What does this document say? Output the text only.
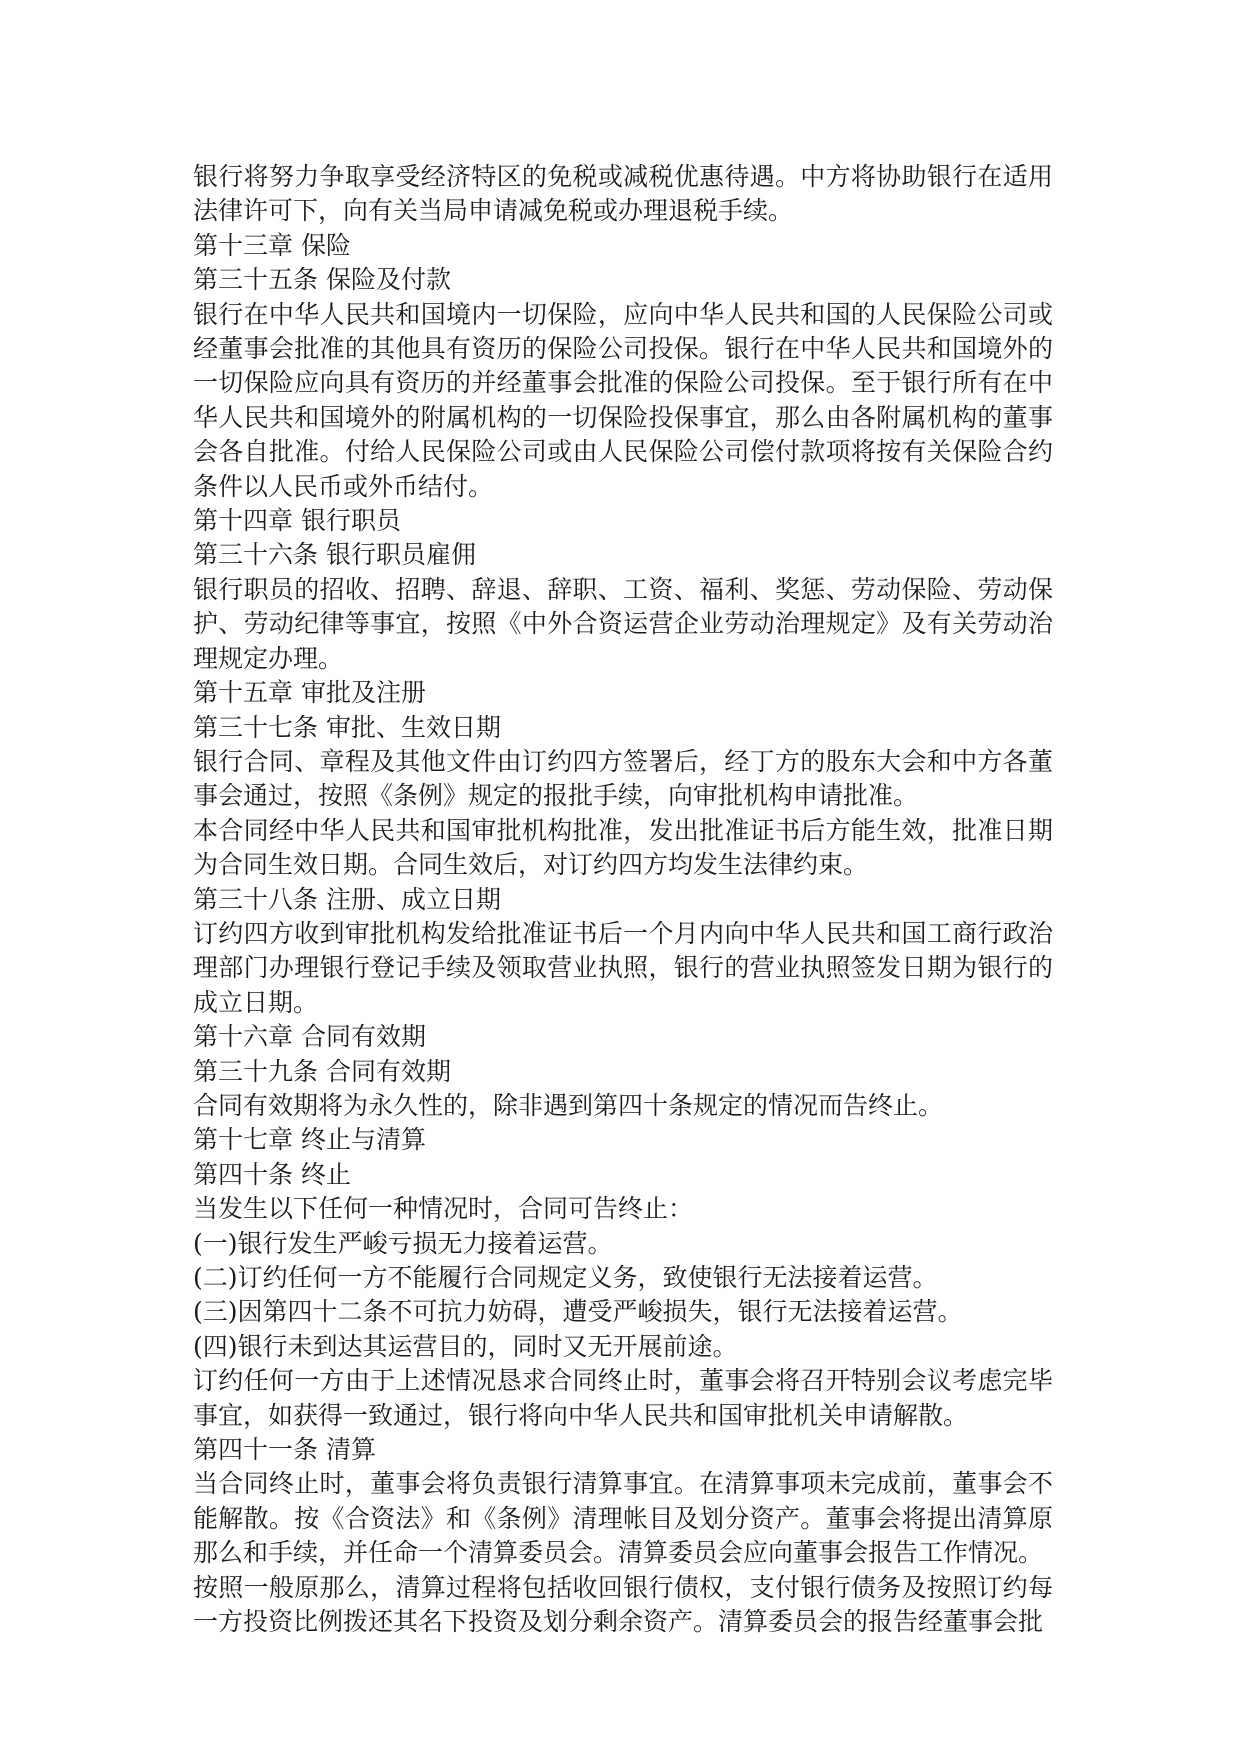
银行将努力争取享受经济特区的免税或减税优惠待遇。中方将协助银行在适用法律许可下，向有关当局申请减免税或办理退税手续。

第十三章 保险

第三十五条 保险及付款

银行在中华人民共和国境内一切保险，应向中华人民共和国的人民保险公司或经董事会批准的其他具有资历的保险公司投保。银行在中华人民共和国境外的一切保险应向具有资历的并经董事会批准的保险公司投保。至于银行所有在中华人民共和国境外的附属机构的一切保险投保事宜，那么由各附属机构的董事会各自批准。付给人民保险公司或由人民保险公司偿付款项将按有关保险合约条件以人民币或外币结付。

第十四章 银行职员

第三十六条 银行职员雇佣

银行职员的招收、招聘、辞退、辞职、工资、福利、奖惩、劳动保险、劳动保护、劳动纪律等事宜，按照《中外合资运营企业劳动治理规定》及有关劳动治理规定办理。

第十五章 审批及注册

第三十七条 审批、生效日期

银行合同、章程及其他文件由订约四方签署后，经丁方的股东大会和中方各董事会通过，按照《条例》规定的报批手续，向审批机构申请批准。

本合同经中华人民共和国审批机构批准，发出批准证书后方能生效，批准日期为合同生效日期。合同生效后，对订约四方均发生法律约束。

第三十八条 注册、成立日期

订约四方收到审批机构发给批准证书后一个月内向中华人民共和国工商行政治理部门办理银行登记手续及领取营业执照，银行的营业执照签发日期为银行的成立日期。

第十六章 合同有效期

第三十九条 合同有效期

合同有效期将为永久性的，除非遇到第四十条规定的情况而告终止。

第十七章 终止与清算

第四十条 终止

当发生以下任何一种情况时，合同可告终止：

(一)银行发生严峻亏损无力接着运营。

(二)订约任何一方不能履行合同规定义务，致使银行无法接着运营。

(三)因第四十二条不可抗力妨碍，遭受严峻损失，银行无法接着运营。

(四)银行未到达其运营目的，同时又无开展前途。

订约任何一方由于上述情况恳求合同终止时，董事会将召开特别会议考虑完毕事宜，如获得一致通过，银行将向中华人民共和国审批机关申请解散。

第四十一条 清算

当合同终止时，董事会将负责银行清算事宜。在清算事项未完成前，董事会不能解散。按《合资法》和《条例》清理帐目及划分资产。董事会将提出清算原那么和手续，并任命一个清算委员会。清算委员会应向董事会报告工作情况。

按照一般原那么，清算过程将包括收回银行债权，支付银行债务及按照订约每一方投资比例拨还其名下投资及划分剩余资产。清算委员会的报告经董事会批
